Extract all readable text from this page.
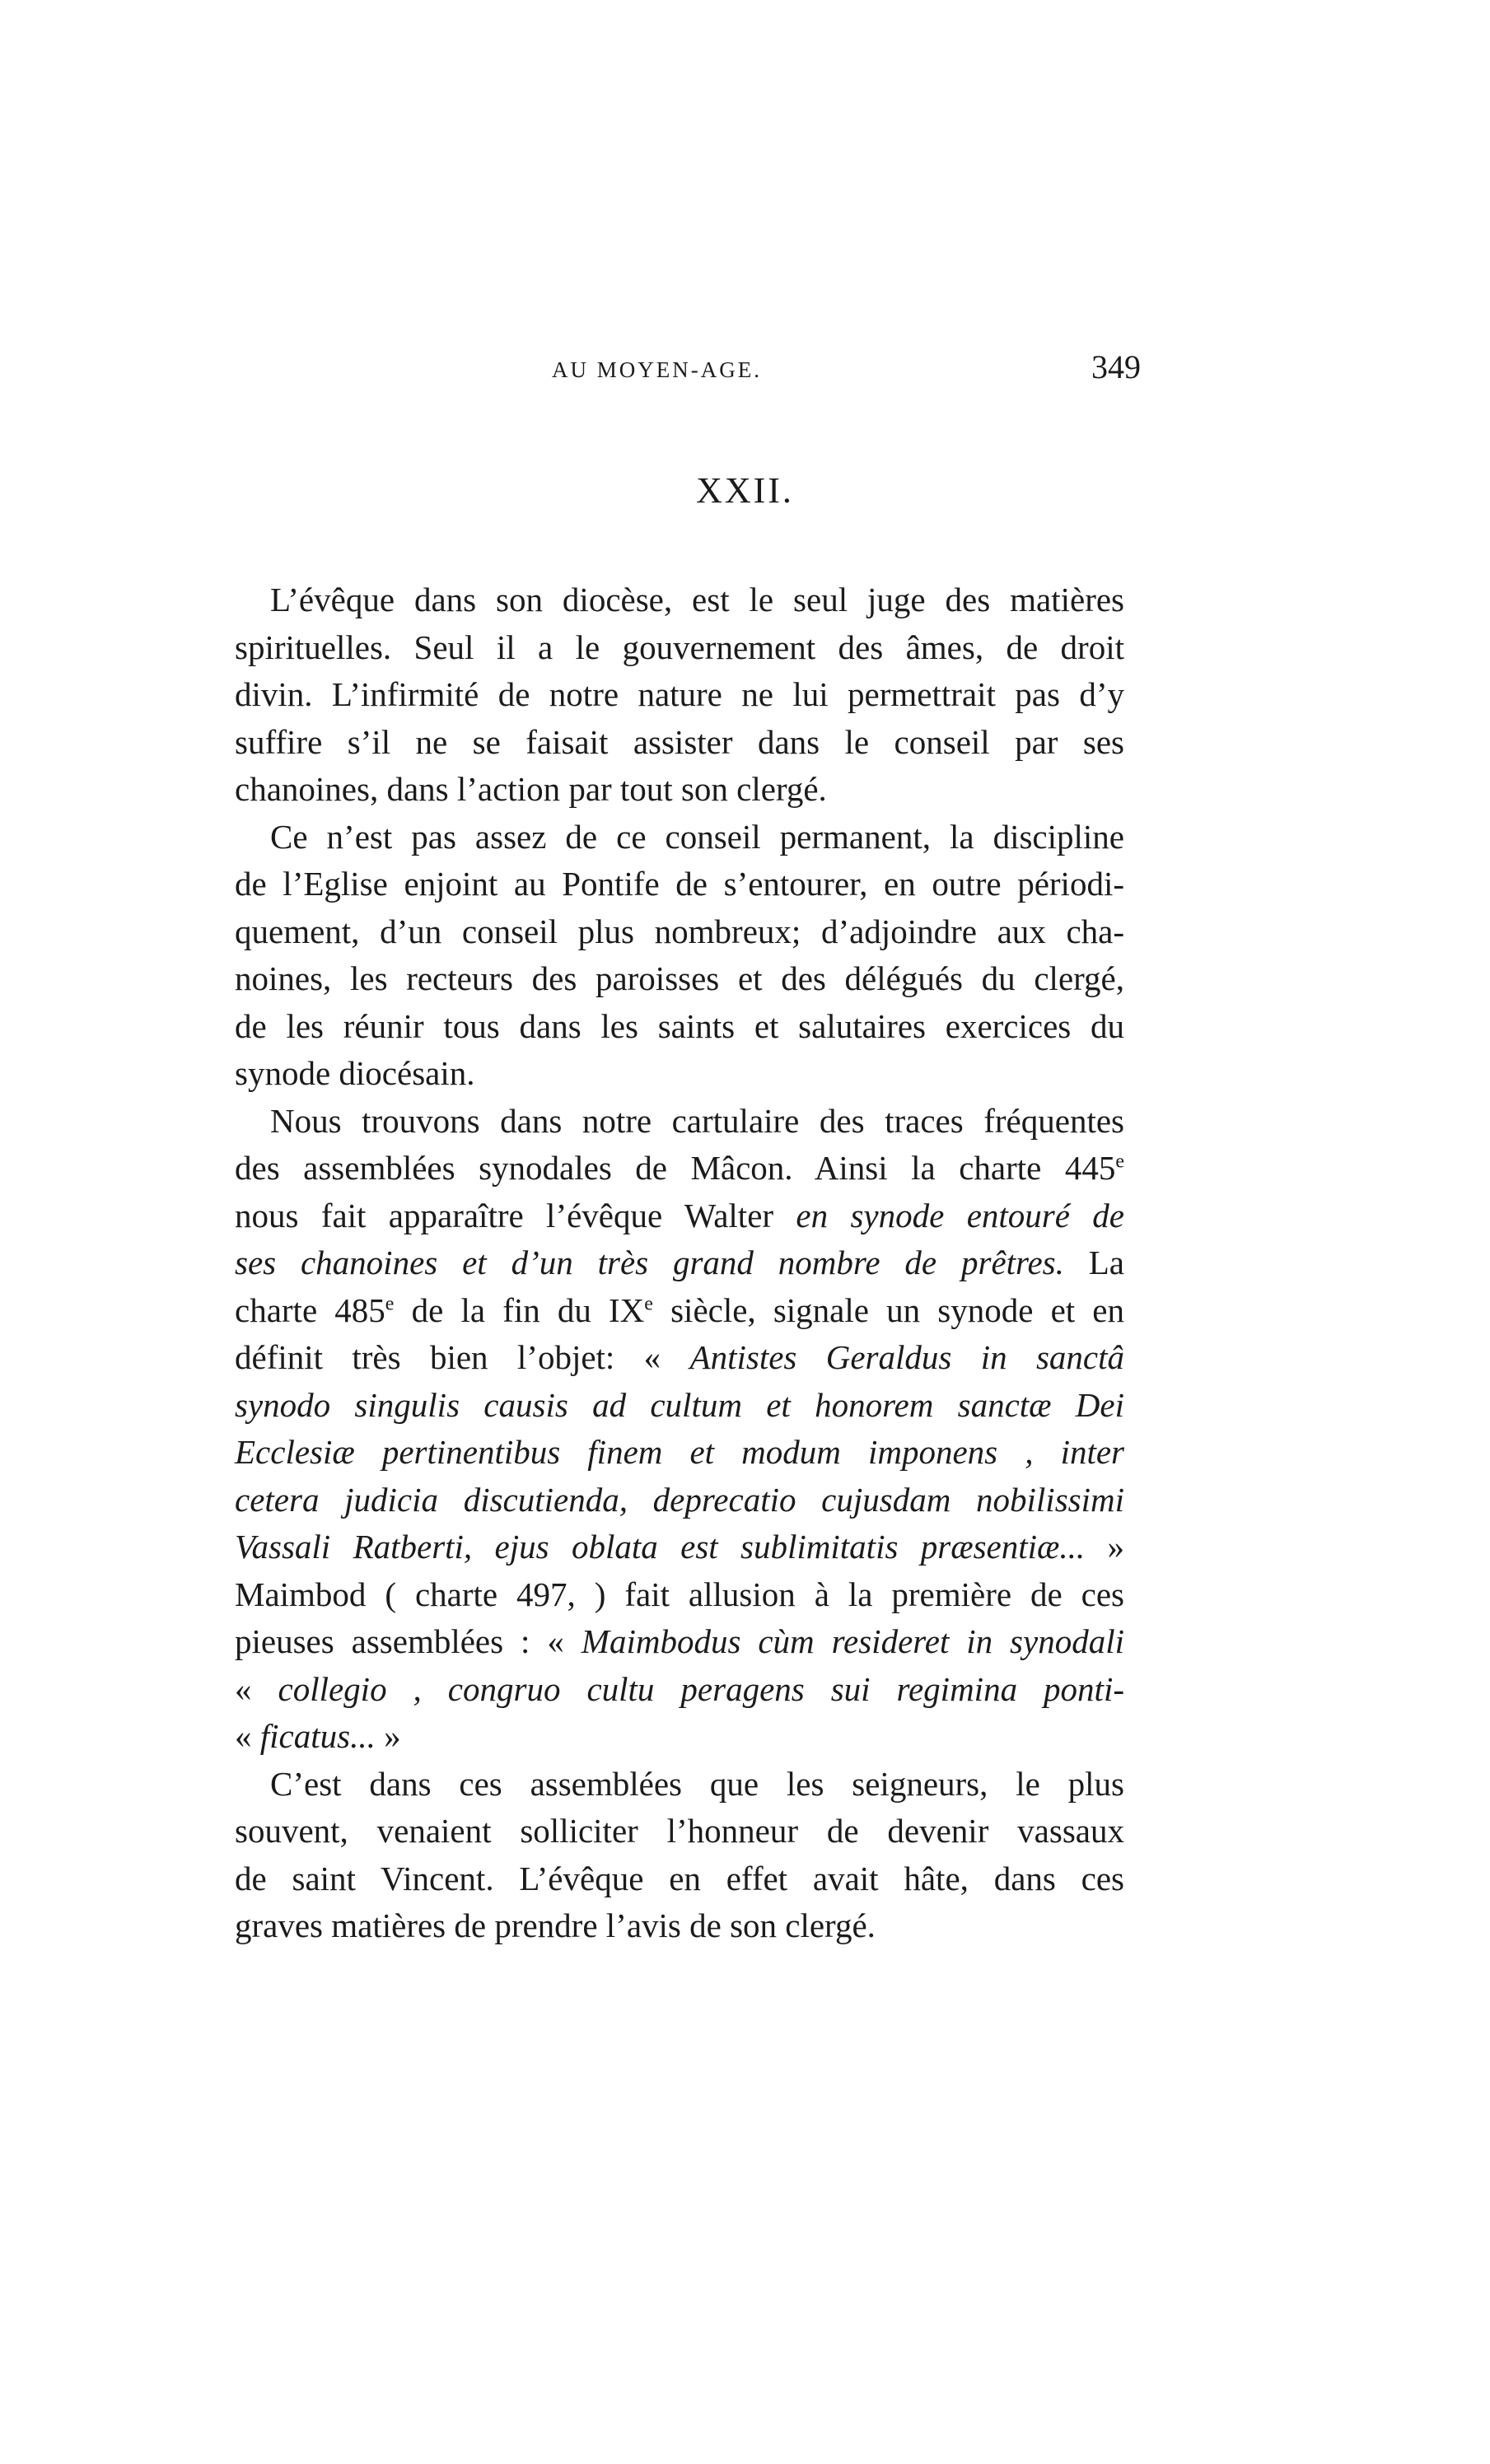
AU MOYEN-AGE.	349
XXII.
L’évêque dans son diocèse, est le seul juge des matières
spirituelles. Seul il a le gouvernement des âmes, de droit
divin. L’infirmité de notre nature ne lui permettrait pas d’y
suffire s’il ne se faisait assister dans le conseil par ses
chanoines, dans l’action par tout son clergé.
Ce n’est pas assez de ce conseil permanent, la discipline
de l’Eglise enjoint au Pontife de s’entourer, en outre périodi-
quement, d’un conseil plus nombreux; d’adjoindre aux cha-
noines, les recteurs des paroisses et des délégués du clergé,
de les réunir tous dans les saints et salutaires exercices du
synode diocésain.
Nous trouvons dans notre cartulaire des traces fréquentes
des assemblées synodales de Mâcon. Ainsi la charte 445e
nous fait apparaître l’évêque Walter en synode entouré de
ses chanoines et d’un très grand nombre de prêtres. La
charte 485e de la fin du IXe siècle, signale un synode et en
définit très bien l’objet: « Antistes Geraldus in sanctâ
synodo singulis causis ad cultum et honorem sanctæ Dei
Ecclesiæ pertinentibus finem et modum imponens , inter
cetera judicia discutienda, deprecatio cujusdam nobilissimi
Vassali Ratberti, ejus oblata est sublimitatis præsentiæ... »
Maimbod ( charte 497, ) fait allusion à la première de ces
pieuses assemblées : « Maimbodus cùm resideret in synodali
« collegio , congruo cultu peragens sui regimina ponti-
« ficatus... »
C’est dans ces assemblées que les seigneurs, le plus
souvent, venaient solliciter l’honneur de devenir vassaux
de saint Vincent. L’évêque en effet avait hâte, dans ces
graves matières de prendre l’avis de son clergé.
